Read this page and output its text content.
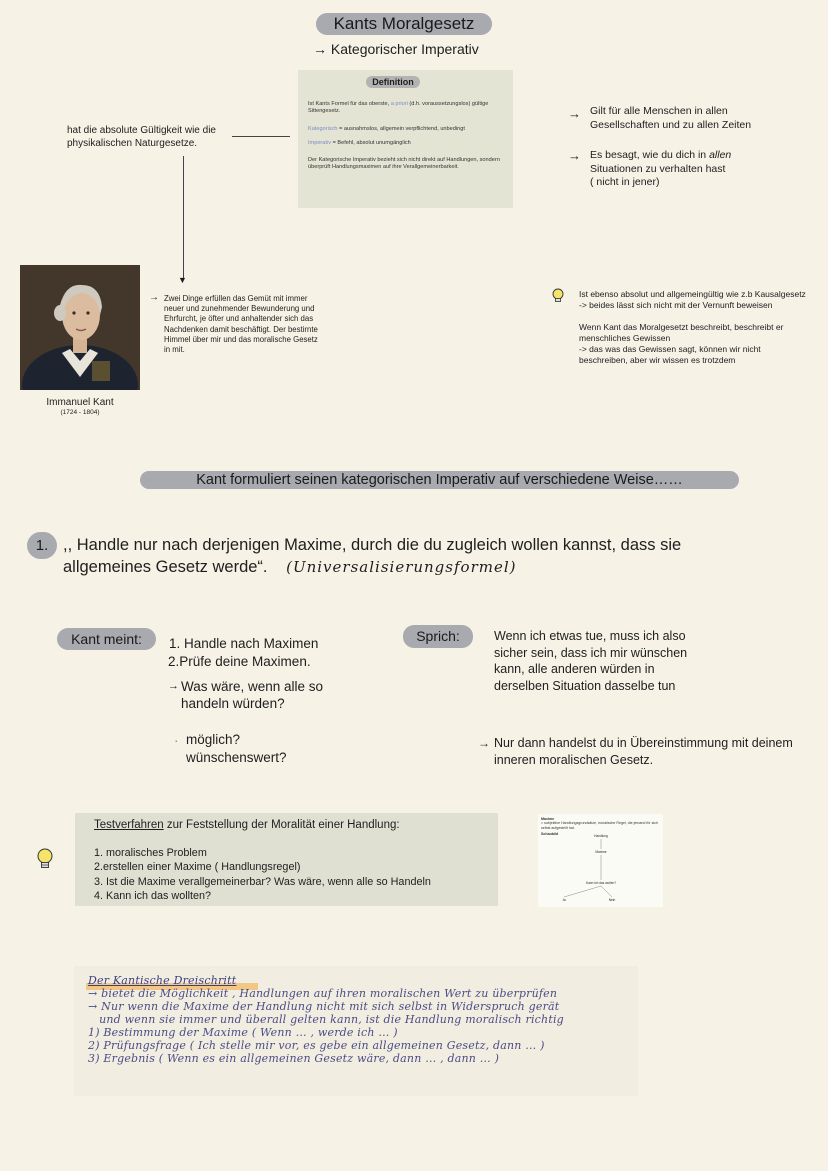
Kants Moralgesetz
→ Kategorischer Imperativ
Definition
Ist Kants Formel für das oberste, a priori (d.h. voraussetzungslos) gültige Sittengesetz.
Kategorisch = ausnahmslos, allgemein verpflichtend, unbedingt
Imperativ = Befehl, absolut unumgänglich
Der Kategorische Imperativ bezieht sich nicht direkt auf Handlungen, sondern überprüft Handlungsmaximen auf ihre Verallgemeinerbarkeit.
hat die absolute Gültigkeit wie die physikalischen Naturgesetze.
▼
→ Gilt für alle Menschen in allen Gesellschaften und zu allen Zeiten
→ Es besagt, wie du dich in allen
Situationen zu verhalten hast
( nicht in jener)
Immanuel Kant
(1724 - 1804)
→ Zwei Dinge erfüllen das Gemüt mit immer neuer und zunehmender Bewunderung und Ehrfurcht, je öfter und anhaltender sich das Nachdenken damit beschäftigt. Der bestirnte Himmel über mir und das moralische Gesetz in mit.
Ist ebenso absolut und allgemeingültig wie z.b Kausalgesetz
-> beides lässt sich nicht mit der Vernunft beweisen
Wenn Kant das Moralgesetzt beschreibt, beschreibt er menschliches Gewissen
-> das was das Gewissen sagt, können wir nicht beschreiben, aber wir wissen es trotzdem
Kant formuliert seinen kategorischen Imperativ auf verschiedene Weise……
1. ,, Handle nur nach derjenigen Maxime, durch die du zugleich wollen kannst, dass sie
allgemeines Gesetz werde“. (Universalisierungsformel)
Kant meint:	1. Handle nach Maximen
2.Prüfe deine Maximen.
→ Was wäre, wenn alle so handeln würden?
· möglich?
wünschenswert?
Sprich:	Wenn ich etwas tue, muss ich also sicher sein, dass ich mir wünschen kann, alle anderen würden in derselben Situation dasselbe tun
→ Nur dann handelst du in Übereinstimmung mit deinem inneren moralischen Gesetz.
Testverfahren zur Feststellung der Moralität einer Handlung:
1. moralisches Problem
2.erstellen einer Maxime ( Handlungsregel)
3. Ist die Maxime verallgemeinerbar? Was wäre, wenn alle so Handeln
4. Kann ich das wollten?
Maxime
= subjektive Handlungsgrundsätze, moralische Regel, die jemand für sich selbst aufgestellt hat.
Schaubild	Handlung
Maxime
Kann ich das wollen?
Ja	Nein
Der Kantische Dreischritt
→ bietet die Möglichkeit , Handlungen auf ihren moralischen Wert zu überprüfen
→ Nur wenn die Maxime der Handlung nicht mit sich selbst in Widerspruch gerät
und wenn sie immer und überall gelten kann, ist die Handlung moralisch richtig
1) Bestimmung der Maxime ( Wenn … , werde ich … )
2) Prüfungsfrage ( Ich stelle mir vor, es gebe ein allgemeinen Gesetz, dann … )
3) Ergebnis ( Wenn es ein allgemeinen Gesetz wäre, dann … , dann … )
